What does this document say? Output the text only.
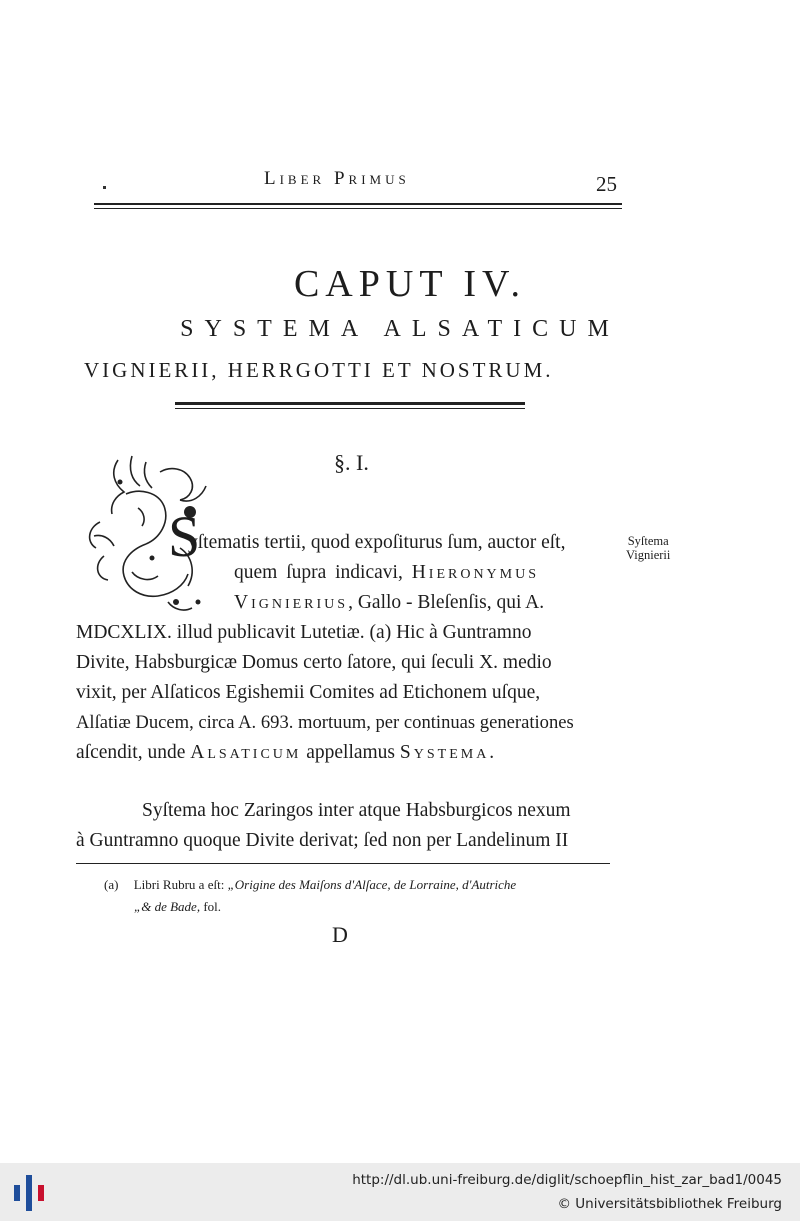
Liber Primus	25
CAPUT IV.
SYSTEMA ALSATICUM
VIGNIERII, HERRGOTTI ET NOSTRUM.
§. I.
S	Syſtema
Vignierii
yſtematis tertii, quod expoſiturus ſum, auctor eſt,
quem ſupra indicavi, Hieronymus
Vignierius, Gallo - Bleſenſis, qui A.
MDCXLIX. illud publicavit Lutetiæ. (a) Hic à Guntramno
Divite, Habsburgicæ Domus certo ſatore, qui ſeculi X. medio
vixit, per Alſaticos Egishemii Comites ad Etichonem uſque,
Alſatiæ Ducem, circa A. 693. mortuum, per continuas generationes
aſcendit, unde Alsaticum appellamus Systema.
Syſtema hoc Zaringos inter atque Habsburgicos nexum
à Guntramno quoque Divite derivat; ſed non per Landelinum II
(a) Libri Rubru a eſt: „Origine des Maiſons d'Alſace, de Lorraine, d'Autriche
„& de Bade, fol.
D
http://dl.ub.uni-freiburg.de/diglit/schoepflin_hist_zar_bad1/0045
© Universitätsbibliothek Freiburg
